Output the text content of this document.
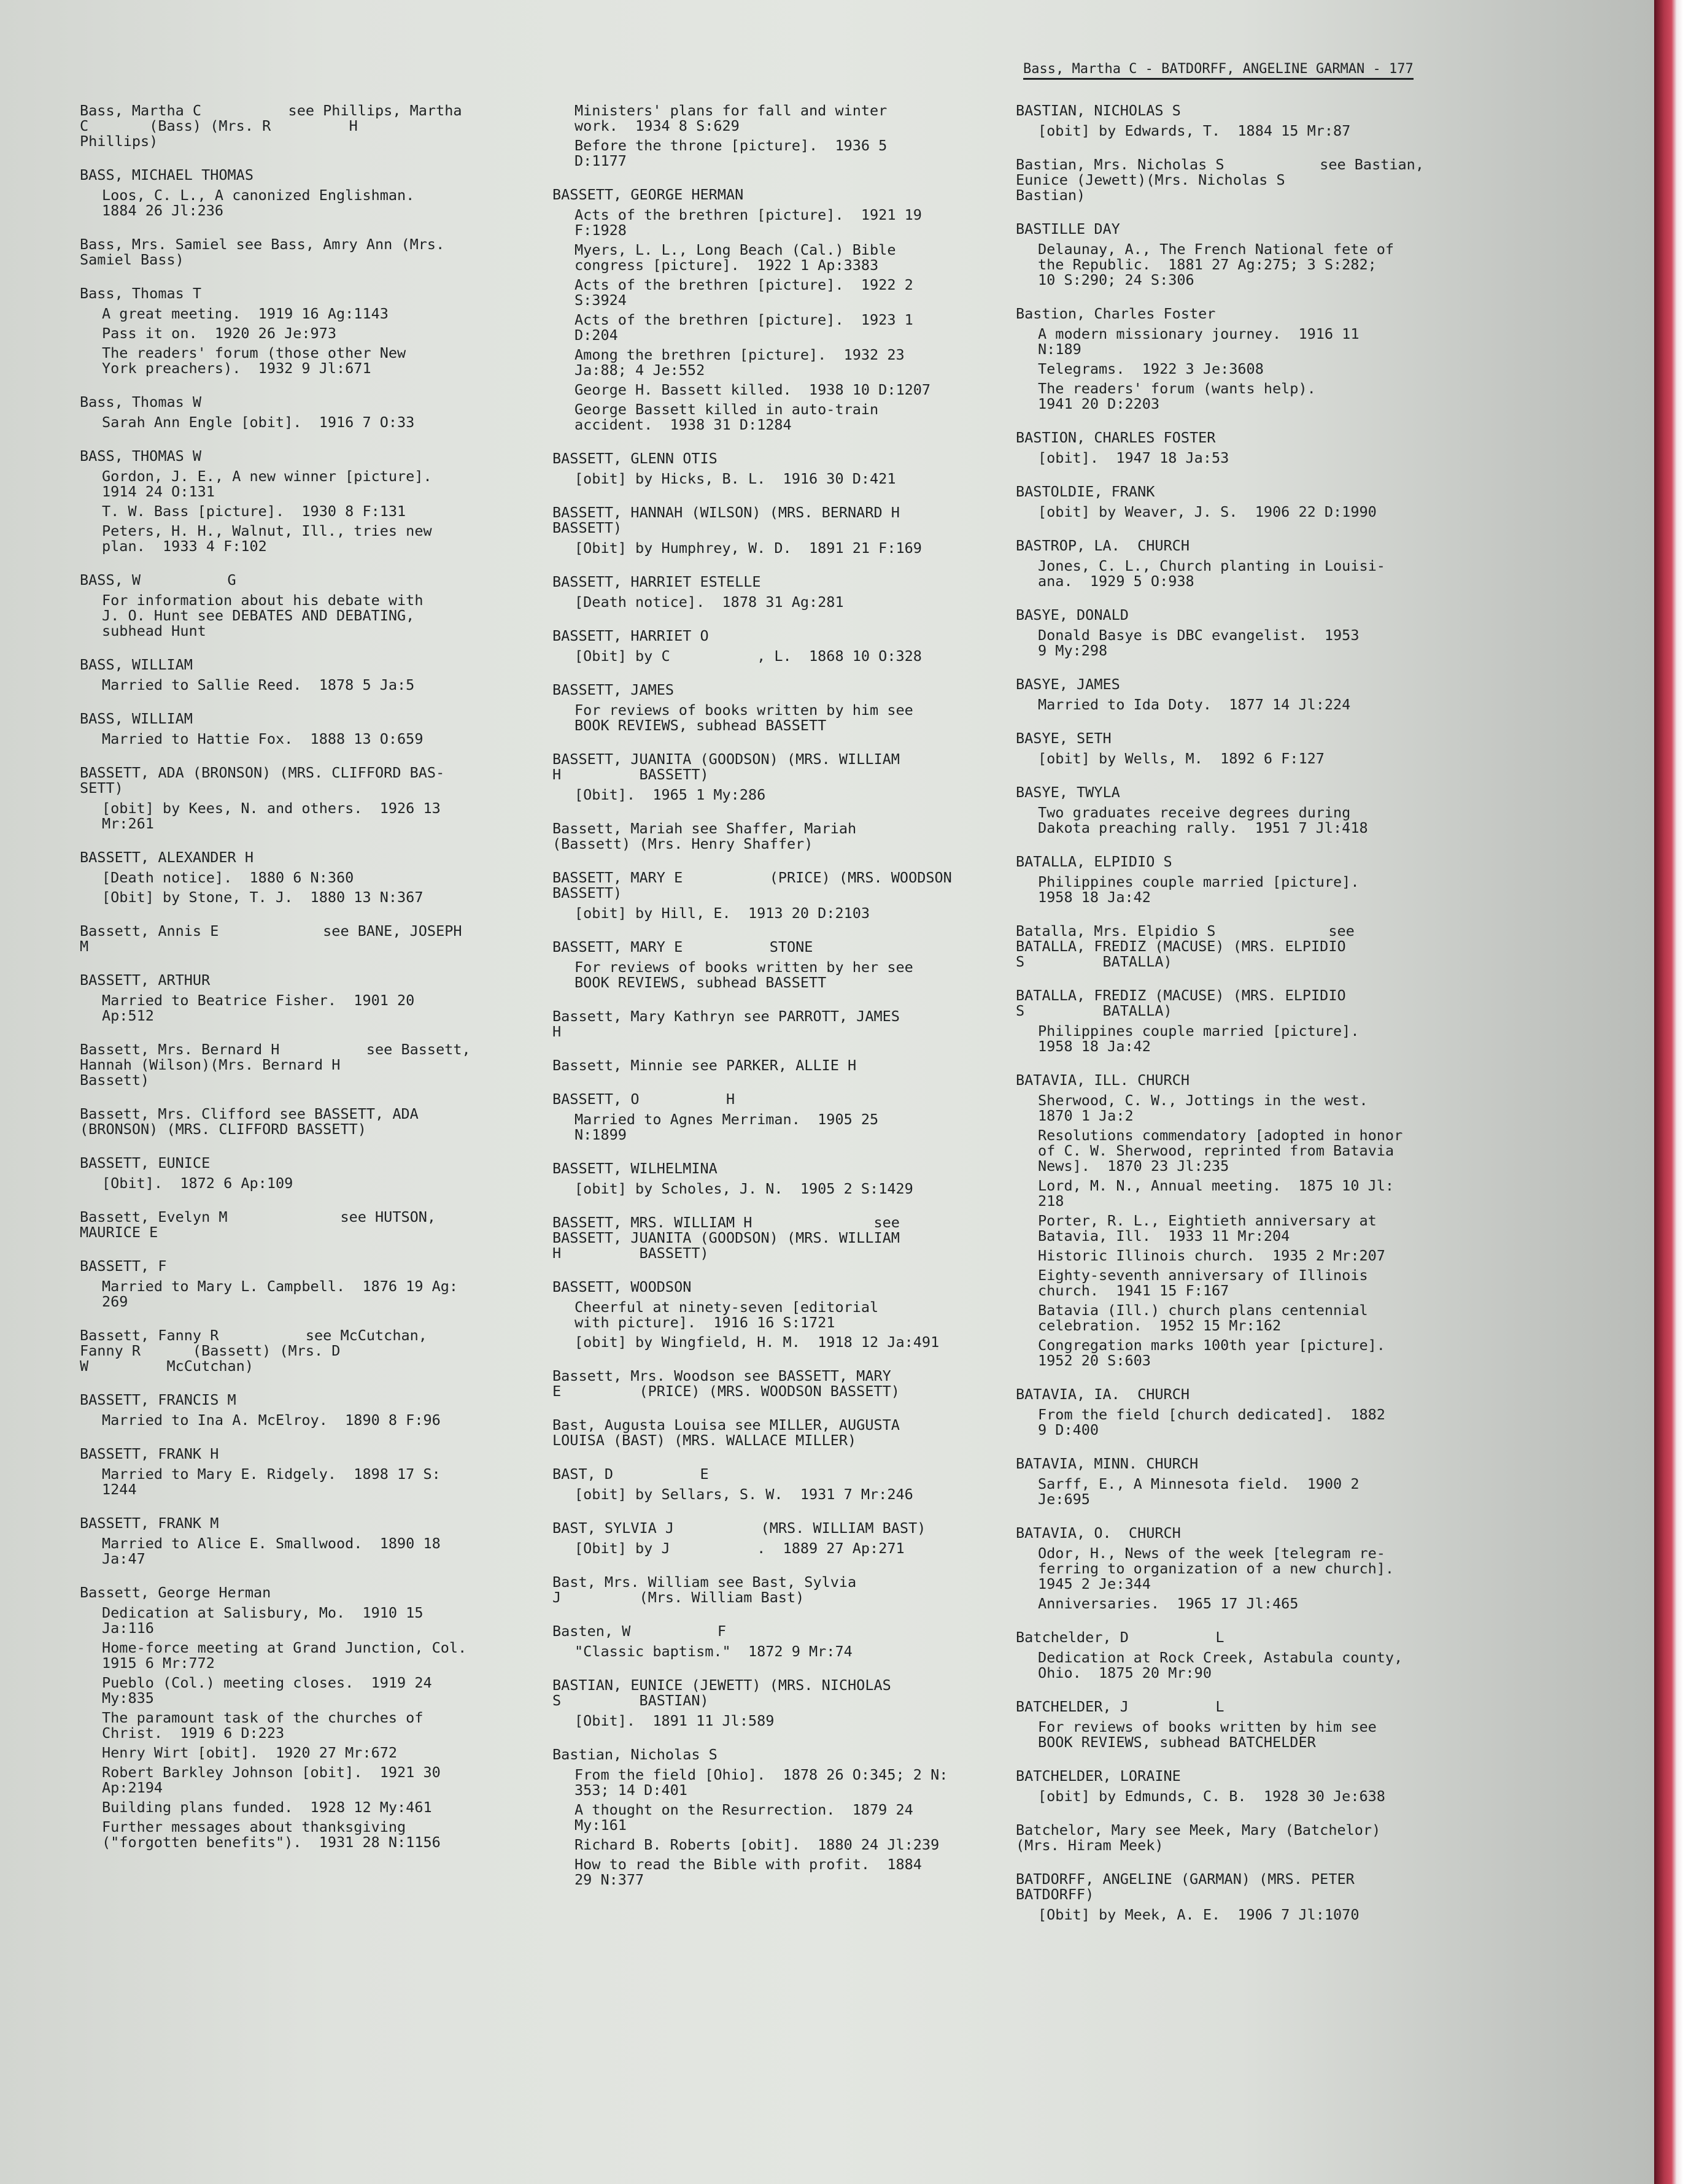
Bass, Martha C - BATDORFF, ANGELINE GARMAN - 177
Bass, Martha C          see Phillips, Martha
C       (Bass) (Mrs. R         H
Phillips)
BASS, MICHAEL THOMAS
Loos, C. L., A canonized Englishman.
1884 26 Jl:236
Bass, Mrs. Samiel see Bass, Amry Ann (Mrs.
Samiel Bass)
Bass, Thomas T
A great meeting.  1919 16 Ag:1143
Pass it on.  1920 26 Je:973
The readers' forum (those other New
York preachers).  1932 9 Jl:671
Bass, Thomas W
Sarah Ann Engle [obit].  1916 7 O:33
BASS, THOMAS W
Gordon, J. E., A new winner [picture].
1914 24 O:131
T. W. Bass [picture].  1930 8 F:131
Peters, H. H., Walnut, Ill., tries new
plan.  1933 4 F:102
BASS, W          G
For information about his debate with
J. O. Hunt see DEBATES AND DEBATING,
subhead Hunt
BASS, WILLIAM
Married to Sallie Reed.  1878 5 Ja:5
BASS, WILLIAM
Married to Hattie Fox.  1888 13 O:659
BASSETT, ADA (BRONSON) (MRS. CLIFFORD BAS-
SETT)
[obit] by Kees, N. and others.  1926 13
Mr:261
BASSETT, ALEXANDER H
[Death notice].  1880 6 N:360
[Obit] by Stone, T. J.  1880 13 N:367
Bassett, Annis E            see BANE, JOSEPH
M
BASSETT, ARTHUR
Married to Beatrice Fisher.  1901 20
Ap:512
Bassett, Mrs. Bernard H          see Bassett,
Hannah (Wilson)(Mrs. Bernard H
Bassett)
Bassett, Mrs. Clifford see BASSETT, ADA
(BRONSON) (MRS. CLIFFORD BASSETT)
BASSETT, EUNICE
[Obit].  1872 6 Ap:109
Bassett, Evelyn M             see HUTSON,
MAURICE E
BASSETT, F
Married to Mary L. Campbell.  1876 19 Ag:
269
Bassett, Fanny R          see McCutchan,
Fanny R      (Bassett) (Mrs. D
W         McCutchan)
BASSETT, FRANCIS M
Married to Ina A. McElroy.  1890 8 F:96
BASSETT, FRANK H
Married to Mary E. Ridgely.  1898 17 S:
1244
BASSETT, FRANK M
Married to Alice E. Smallwood.  1890 18
Ja:47
Bassett, George Herman
Dedication at Salisbury, Mo.  1910 15
Ja:116
Home-force meeting at Grand Junction, Col.
1915 6 Mr:772
Pueblo (Col.) meeting closes.  1919 24
My:835
The paramount task of the churches of
Christ.  1919 6 D:223
Henry Wirt [obit].  1920 27 Mr:672
Robert Barkley Johnson [obit].  1921 30
Ap:2194
Building plans funded.  1928 12 My:461
Further messages about thanksgiving
("forgotten benefits").  1931 28 N:1156
Ministers' plans for fall and winter
work.  1934 8 S:629
Before the throne [picture].  1936 5
D:1177
BASSETT, GEORGE HERMAN
Acts of the brethren [picture].  1921 19
F:1928
Myers, L. L., Long Beach (Cal.) Bible
congress [picture].  1922 1 Ap:3383
Acts of the brethren [picture].  1922 2
S:3924
Acts of the brethren [picture].  1923 1
D:204
Among the brethren [picture].  1932 23
Ja:88; 4 Je:552
George H. Bassett killed.  1938 10 D:1207
George Bassett killed in auto-train
accident.  1938 31 D:1284
BASSETT, GLENN OTIS
[obit] by Hicks, B. L.  1916 30 D:421
BASSETT, HANNAH (WILSON) (MRS. BERNARD H
BASSETT)
[Obit] by Humphrey, W. D.  1891 21 F:169
BASSETT, HARRIET ESTELLE
[Death notice].  1878 31 Ag:281
BASSETT, HARRIET O
[Obit] by C          , L.  1868 10 O:328
BASSETT, JAMES
For reviews of books written by him see
BOOK REVIEWS, subhead BASSETT
BASSETT, JUANITA (GOODSON) (MRS. WILLIAM
H         BASSETT)
[Obit].  1965 1 My:286
Bassett, Mariah see Shaffer, Mariah
(Bassett) (Mrs. Henry Shaffer)
BASSETT, MARY E          (PRICE) (MRS. WOODSON
BASSETT)
[obit] by Hill, E.  1913 20 D:2103
BASSETT, MARY E          STONE
For reviews of books written by her see
BOOK REVIEWS, subhead BASSETT
Bassett, Mary Kathryn see PARROTT, JAMES
H
Bassett, Minnie see PARKER, ALLIE H
BASSETT, O          H
Married to Agnes Merriman.  1905 25
N:1899
BASSETT, WILHELMINA
[obit] by Scholes, J. N.  1905 2 S:1429
BASSETT, MRS. WILLIAM H              see
BASSETT, JUANITA (GOODSON) (MRS. WILLIAM
H         BASSETT)
BASSETT, WOODSON
Cheerful at ninety-seven [editorial
with picture].  1916 16 S:1721
[obit] by Wingfield, H. M.  1918 12 Ja:491
Bassett, Mrs. Woodson see BASSETT, MARY
E         (PRICE) (MRS. WOODSON BASSETT)
Bast, Augusta Louisa see MILLER, AUGUSTA
LOUISA (BAST) (MRS. WALLACE MILLER)
BAST, D          E
[obit] by Sellars, S. W.  1931 7 Mr:246
BAST, SYLVIA J          (MRS. WILLIAM BAST)
[Obit] by J          .  1889 27 Ap:271
Bast, Mrs. William see Bast, Sylvia
J         (Mrs. William Bast)
Basten, W          F
"Classic baptism."  1872 9 Mr:74
BASTIAN, EUNICE (JEWETT) (MRS. NICHOLAS
S         BASTIAN)
[Obit].  1891 11 Jl:589
Bastian, Nicholas S
From the field [Ohio].  1878 26 O:345; 2 N:
353; 14 D:401
A thought on the Resurrection.  1879 24
My:161
Richard B. Roberts [obit].  1880 24 Jl:239
How to read the Bible with profit.  1884
29 N:377
BASTIAN, NICHOLAS S
[obit] by Edwards, T.  1884 15 Mr:87
Bastian, Mrs. Nicholas S           see Bastian,
Eunice (Jewett)(Mrs. Nicholas S
Bastian)
BASTILLE DAY
Delaunay, A., The French National fete of
the Republic.  1881 27 Ag:275; 3 S:282;
10 S:290; 24 S:306
Bastion, Charles Foster
A modern missionary journey.  1916 11
N:189
Telegrams.  1922 3 Je:3608
The readers' forum (wants help).
1941 20 D:2203
BASTION, CHARLES FOSTER
[obit].  1947 18 Ja:53
BASTOLDIE, FRANK
[obit] by Weaver, J. S.  1906 22 D:1990
BASTROP, LA.  CHURCH
Jones, C. L., Church planting in Louisi-
ana.  1929 5 O:938
BASYE, DONALD
Donald Basye is DBC evangelist.  1953
9 My:298
BASYE, JAMES
Married to Ida Doty.  1877 14 Jl:224
BASYE, SETH
[obit] by Wells, M.  1892 6 F:127
BASYE, TWYLA
Two graduates receive degrees during
Dakota preaching rally.  1951 7 Jl:418
BATALLA, ELPIDIO S
Philippines couple married [picture].
1958 18 Ja:42
Batalla, Mrs. Elpidio S             see
BATALLA, FREDIZ (MACUSE) (MRS. ELPIDIO
S         BATALLA)
BATALLA, FREDIZ (MACUSE) (MRS. ELPIDIO
S         BATALLA)
Philippines couple married [picture].
1958 18 Ja:42
BATAVIA, ILL. CHURCH
Sherwood, C. W., Jottings in the west.
1870 1 Ja:2
Resolutions commendatory [adopted in honor
of C. W. Sherwood, reprinted from Batavia
News].  1870 23 Jl:235
Lord, M. N., Annual meeting.  1875 10 Jl:
218
Porter, R. L., Eightieth anniversary at
Batavia, Ill.  1933 11 Mr:204
Historic Illinois church.  1935 2 Mr:207
Eighty-seventh anniversary of Illinois
church.  1941 15 F:167
Batavia (Ill.) church plans centennial
celebration.  1952 15 Mr:162
Congregation marks 100th year [picture].
1952 20 S:603
BATAVIA, IA.  CHURCH
From the field [church dedicated].  1882
9 D:400
BATAVIA, MINN. CHURCH
Sarff, E., A Minnesota field.  1900 2
Je:695
BATAVIA, O.  CHURCH
Odor, H., News of the week [telegram re-
ferring to organization of a new church].
1945 2 Je:344
Anniversaries.  1965 17 Jl:465
Batchelder, D          L
Dedication at Rock Creek, Astabula county,
Ohio.  1875 20 Mr:90
BATCHELDER, J          L
For reviews of books written by him see
BOOK REVIEWS, subhead BATCHELDER
BATCHELDER, LORAINE
[obit] by Edmunds, C. B.  1928 30 Je:638
Batchelor, Mary see Meek, Mary (Batchelor)
(Mrs. Hiram Meek)
BATDORFF, ANGELINE (GARMAN) (MRS. PETER
BATDORFF)
[Obit] by Meek, A. E.  1906 7 Jl:1070
